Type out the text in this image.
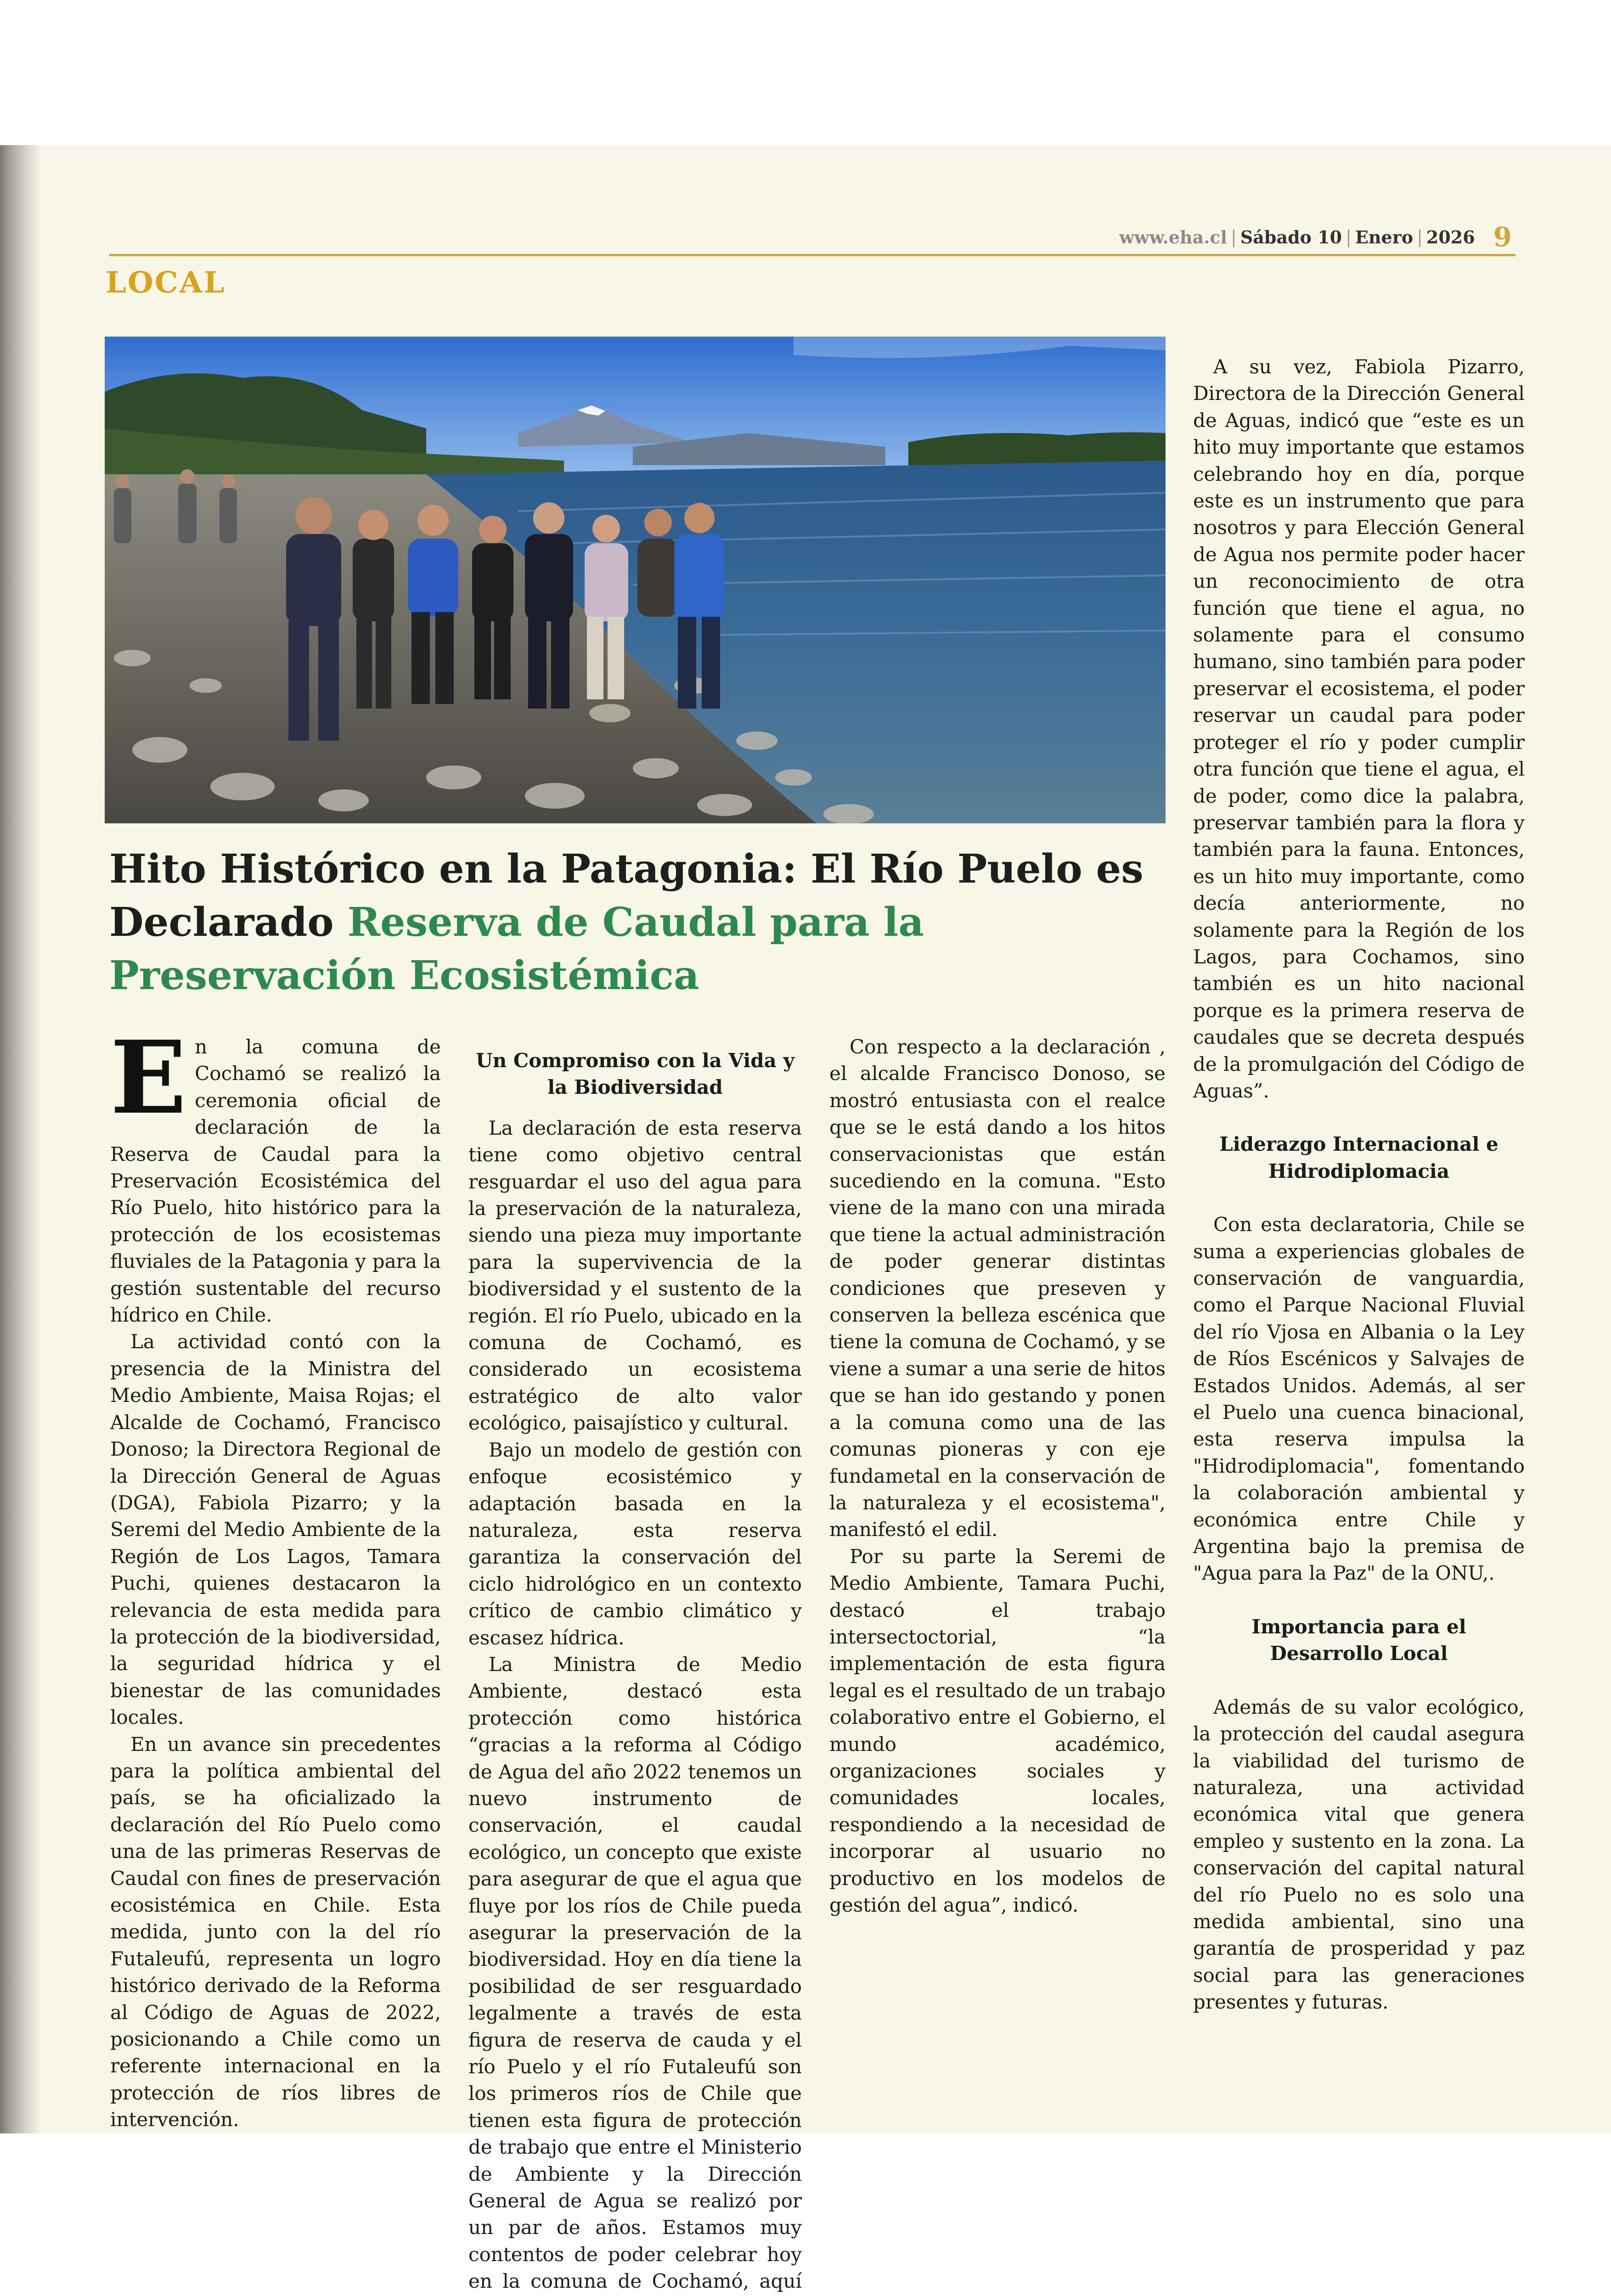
www.eha.cl | Sábado 10 | Enero | 2026 9
LOCAL
Hito Histórico en la Patagonia: El Río Puelo es Declarado Reserva de Caudal para la Preservación Ecosistémica
E n la comuna de Cochamó se realizó la ceremonia oficial de declaración de la Reserva de Caudal para la Preservación Ecosistémica del Río Puelo, hito histórico para la protección de los ecosistemas fluviales de la Patagonia y para la gestión sustentable del recurso hídrico en Chile.

La actividad contó con la presencia de la Ministra del Medio Ambiente, Maisa Rojas; el Alcalde de Cochamó, Francisco Donoso; la Directora Regional de la Dirección General de Aguas (DGA), Fabiola Pizarro; y la Seremi del Medio Ambiente de la Región de Los Lagos, Tamara Puchi, quienes destacaron la relevancia de esta medida para la protección de la biodiversidad, la seguridad hídrica y el bienestar de las comunidades locales.

En un avance sin precedentes para la política ambiental del país, se ha oficializado la declaración del Río Puelo como una de las primeras Reservas de Caudal con fines de preservación ecosistémica en Chile. Esta medida, junto con la del río Futaleufú, representa un logro histórico derivado de la Reforma al Código de Aguas de 2022, posicionando a Chile como un referente internacional en la protección de ríos libres de intervención.

Un Compromiso con la Vida y la Biodiversidad

La declaración de esta reserva tiene como objetivo central resguardar el uso del agua para la preservación de la naturaleza, siendo una pieza muy importante para la supervivencia de la biodiversidad y el sustento de la región. El río Puelo, ubicado en la comuna de Cochamó, es considerado un ecosistema estratégico de alto valor ecológico, paisajístico y cultural.

Bajo un modelo de gestión con enfoque ecosistémico y adaptación basada en la naturaleza, esta reserva garantiza la conservación del ciclo hidrológico en un contexto crítico de cambio climático y escasez hídrica.

La Ministra de Medio Ambiente, destacó esta protección como histórica “gracias a la reforma al Código de Agua del año 2022 tenemos un nuevo instrumento de conservación, el caudal ecológico, un concepto que existe para asegurar de que el agua que fluye por los ríos de Chile pueda asegurar la preservación de la biodiversidad. Hoy en día tiene la posibilidad de ser resguardado legalmente a través de esta figura de reserva de cauda y el río Puelo y el río Futaleufú son los primeros ríos de Chile que tienen esta figura de protección de trabajo que entre el Ministerio de Ambiente y la Dirección General de Agua se realizó por un par de años. Estamos muy contentos de poder celebrar hoy en la comuna de Cochamó, aquí

Con respecto a la declaración , el alcalde Francisco Donoso, se mostró entusiasta con el realce que se le está dando a los hitos conservacionistas que están sucediendo en la comuna. "Esto viene de la mano con una mirada que tiene la actual administración de poder generar distintas condiciones que preseven y conserven la belleza escénica que tiene la comuna de Cochamó, y se viene a sumar a una serie de hitos que se han ido gestando y ponen a la comuna como una de las comunas pioneras y con eje fundametal en la conservación de la naturaleza y el ecosistema", manifestó el edil.

Por su parte la Seremi de Medio Ambiente, Tamara Puchi, destacó el trabajo intersectoctorial, “la implementación de esta figura legal es el resultado de un trabajo colaborativo entre el Gobierno, el mundo académico, organizaciones sociales y comunidades locales, respondiendo a la necesidad de incorporar al usuario no productivo en los modelos de gestión del agua”, indicó.

A su vez, Fabiola Pizarro, Directora de la Dirección General de Aguas, indicó que “este es un hito muy importante que estamos celebrando hoy en día, porque este es un instrumento que para nosotros y para Elección General de Agua nos permite poder hacer un reconocimiento de otra función que tiene el agua, no solamente para el consumo humano, sino también para poder preservar el ecosistema, el poder reservar un caudal para poder proteger el río y poder cumplir otra función que tiene el agua, el de poder, como dice la palabra, preservar también para la flora y también para la fauna. Entonces, es un hito muy importante, como decía anteriormente, no solamente para la Región de los Lagos, para Cochamos, sino también es un hito nacional porque es la primera reserva de caudales que se decreta después de la promulgación del Código de Aguas”.

Liderazgo Internacional e Hidrodiplomacia

Con esta declaratoria, Chile se suma a experiencias globales de conservación de vanguardia, como el Parque Nacional Fluvial del río Vjosa en Albania o la Ley de Ríos Escénicos y Salvajes de Estados Unidos. Además, al ser el Puelo una cuenca binacional, esta reserva impulsa la "Hidrodiplomacia", fomentando la colaboración ambiental y económica entre Chile y Argentina bajo la premisa de "Agua para la Paz" de la ONU,.

Importancia para el Desarrollo Local

Además de su valor ecológico, la protección del caudal asegura la viabilidad del turismo de naturaleza, una actividad económica vital que genera empleo y sustento en la zona. La conservación del capital natural del río Puelo no es solo una medida ambiental, sino una garantía de prosperidad y paz social para las generaciones presentes y futuras.
